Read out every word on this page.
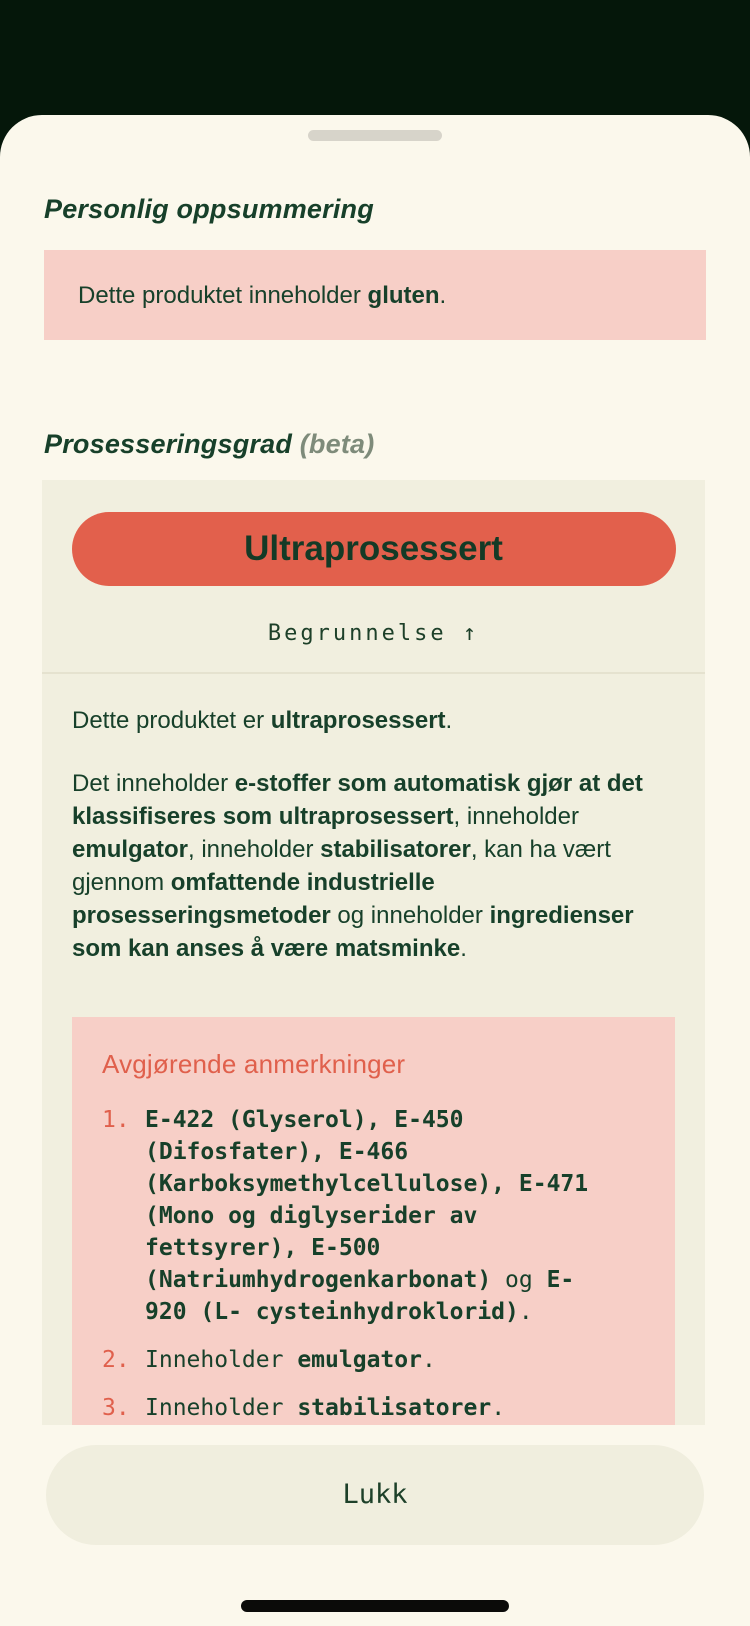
Personlig oppsummering
Dette produktet inneholder gluten.
Prosesseringsgrad (beta)
Ultraprosessert
Begrunnelse ↑

Dette produktet er ultraprosessert.

Det inneholder e-stoffer som automatisk gjør at det klassifiseres som ultraprosessert, inneholder emulgator, inneholder stabilisatorer, kan ha vært gjennom omfattende industrielle prosesseringsmetoder og inneholder ingredienser som kan anses å være matsminke.

Avgjørende anmerkninger
1. E-422 (Glyserol), E-450 (Difosfater), E-466 (Karboksymethylcellulose), E-471 (Mono og diglyserider av fettsyrer), E-500 (Natriumhydrogenkarbonat) og E-920 (L- cysteinhydroklorid).
2. Inneholder emulgator.
3. Inneholder stabilisatorer.
Lukk
